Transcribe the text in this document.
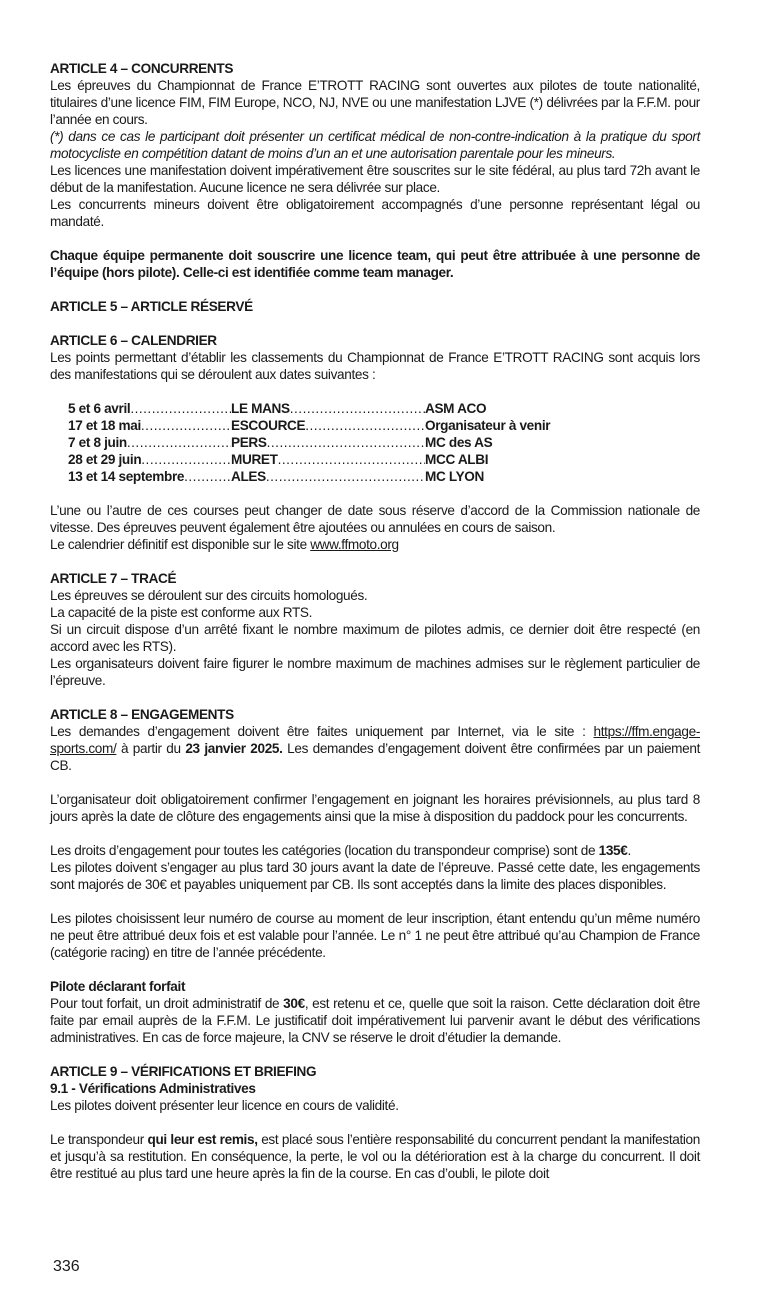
ARTICLE 4 – CONCURRENTS

Les épreuves du Championnat de France E’TROTT RACING sont ouvertes aux pilotes de toute nationalité, titulaires d’une licence FIM, FIM Europe, NCO, NJ, NVE ou une manifestation LJVE (*) délivrées par la F.F.M. pour l’année en cours.

(*) dans ce cas le participant doit présenter un certificat médical de non-contre-indication à la pratique du sport motocycliste en compétition datant de moins d’un an et une autorisation parentale pour les mineurs.

Les licences une manifestation doivent impérativement être souscrites sur le site fédéral, au plus tard 72h avant le début de la manifestation. Aucune licence ne sera délivrée sur place.

Les concurrents mineurs doivent être obligatoirement accompagnés d’une personne représentant légal ou mandaté.

Chaque équipe permanente doit souscrire une licence team, qui peut être attribuée à une personne de l’équipe (hors pilote). Celle-ci est identifiée comme team manager.

ARTICLE 5 – ARTICLE RÉSERVÉ

ARTICLE 6 – CALENDRIER

Les points permettant d’établir les classements du Championnat de France E’TROTT RACING sont acquis lors des manifestations qui se déroulent aux dates suivantes :

5 et 6 avril .....	LE MANS .....	ASM ACO
17 et 18 mai .....	ESCOURCE .....	Organisateur à venir
7 et 8 juin .....	PERS .....	MC des AS
28 et 29 juin .....	MURET .....	MCC ALBI
13 et 14 septembre .....	ALES .....	MC LYON

L’une ou l’autre de ces courses peut changer de date sous réserve d’accord de la Commission nationale de vitesse. Des épreuves peuvent également être ajoutées ou annulées en cours de saison.

Le calendrier définitif est disponible sur le site www.ffmoto.org

ARTICLE 7 – TRACÉ

Les épreuves se déroulent sur des circuits homologués.

La capacité de la piste est conforme aux RTS.

Si un circuit dispose d’un arrêté fixant le nombre maximum de pilotes admis, ce dernier doit être respecté (en accord avec les RTS).

Les organisateurs doivent faire figurer le nombre maximum de machines admises sur le règlement particulier de l’épreuve.

ARTICLE 8 – ENGAGEMENTS

Les demandes d’engagement doivent être faites uniquement par Internet, via le site : https://ffm.engage-sports.com/ à partir du 23 janvier 2025. Les demandes d’engagement doivent être confirmées par un paiement CB.

L’organisateur doit obligatoirement confirmer l’engagement en joignant les horaires prévisionnels, au plus tard 8 jours après la date de clôture des engagements ainsi que la mise à disposition du paddock pour les concurrents.

Les droits d’engagement pour toutes les catégories (location du transpondeur comprise) sont de 135€.

Les pilotes doivent s’engager au plus tard 30 jours avant la date de l’épreuve. Passé cette date, les engagements sont majorés de 30€ et payables uniquement par CB. Ils sont acceptés dans la limite des places disponibles.

Les pilotes choisissent leur numéro de course au moment de leur inscription, étant entendu qu’un même numéro ne peut être attribué deux fois et est valable pour l’année. Le n° 1 ne peut être attribué qu’au Champion de France (catégorie racing) en titre de l’année précédente.

Pilote déclarant forfait

Pour tout forfait, un droit administratif de 30€, est retenu et ce, quelle que soit la raison. Cette déclaration doit être faite par email auprès de la F.F.M. Le justificatif doit impérativement lui parvenir avant le début des vérifications administratives. En cas de force majeure, la CNV se réserve le droit d’étudier la demande.

ARTICLE 9 – VÉRIFICATIONS ET BRIEFING

9.1 - Vérifications Administratives

Les pilotes doivent présenter leur licence en cours de validité.

Le transpondeur qui leur est remis, est placé sous l’entière responsabilité du concurrent pendant la manifestation et jusqu’à sa restitution. En conséquence, la perte, le vol ou la détérioration est à la charge du concurrent. Il doit être restitué au plus tard une heure après la fin de la course. En cas d’oubli, le pilote doit

336
